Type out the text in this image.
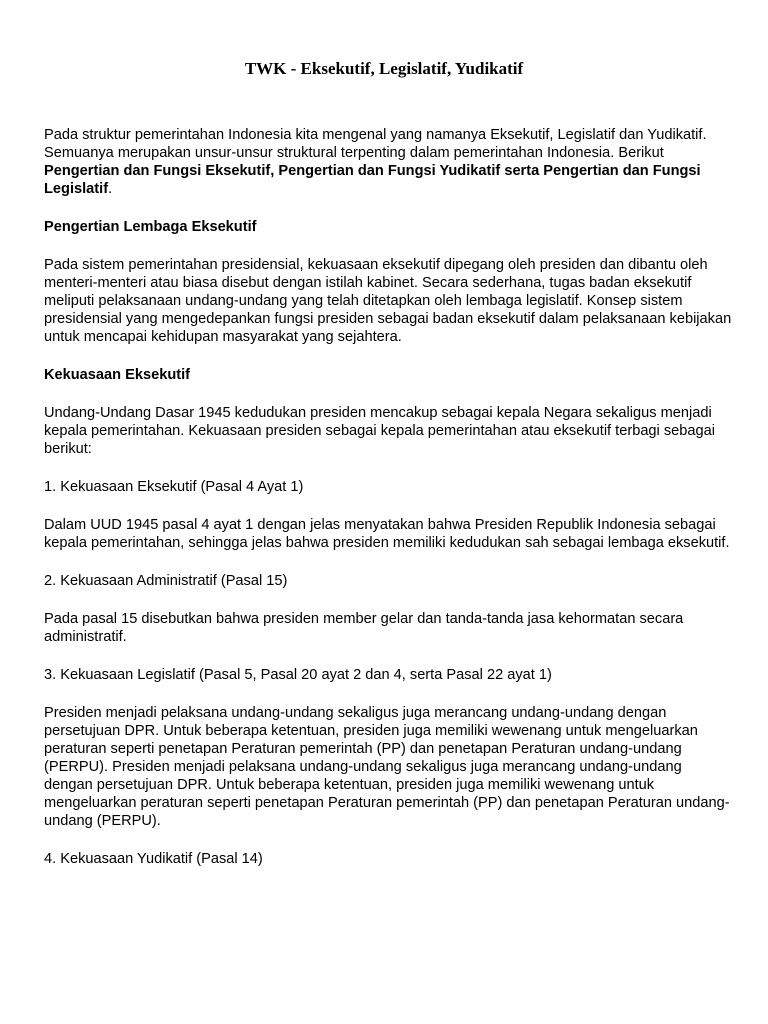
TWK - Eksekutif, Legislatif, Yudikatif

Pada struktur pemerintahan Indonesia kita mengenal yang namanya Eksekutif, Legislatif dan Yudikatif. Semuanya merupakan unsur-unsur struktural terpenting dalam pemerintahan Indonesia. Berikut Pengertian dan Fungsi Eksekutif, Pengertian dan Fungsi Yudikatif serta Pengertian dan Fungsi Legislatif.

Pengertian Lembaga Eksekutif

Pada sistem pemerintahan presidensial, kekuasaan eksekutif dipegang oleh presiden dan dibantu oleh menteri-menteri atau biasa disebut dengan istilah kabinet. Secara sederhana, tugas badan eksekutif meliputi pelaksanaan undang-undang yang telah ditetapkan oleh lembaga legislatif. Konsep sistem presidensial yang mengedepankan fungsi presiden sebagai badan eksekutif dalam pelaksanaan kebijakan untuk mencapai kehidupan masyarakat yang sejahtera.

Kekuasaan Eksekutif

Undang-Undang Dasar 1945 kedudukan presiden mencakup sebagai kepala Negara sekaligus menjadi kepala pemerintahan. Kekuasaan presiden sebagai kepala pemerintahan atau eksekutif terbagi sebagai berikut:

1. Kekuasaan Eksekutif (Pasal 4 Ayat 1)

Dalam UUD 1945 pasal 4 ayat 1 dengan jelas menyatakan bahwa Presiden Republik Indonesia sebagai kepala pemerintahan, sehingga jelas bahwa presiden memiliki kedudukan sah sebagai lembaga eksekutif.

2. Kekuasaan Administratif (Pasal 15)

Pada pasal 15 disebutkan bahwa presiden member gelar dan tanda-tanda jasa kehormatan secara administratif.

3. Kekuasaan Legislatif (Pasal 5, Pasal 20 ayat 2 dan 4, serta Pasal 22 ayat 1)

Presiden menjadi pelaksana undang-undang sekaligus juga merancang undang-undang dengan persetujuan DPR. Untuk beberapa ketentuan, presiden juga memiliki wewenang untuk mengeluarkan peraturan seperti penetapan Peraturan pemerintah (PP) dan penetapan Peraturan undang-undang (PERPU). Presiden menjadi pelaksana undang-undang sekaligus juga merancang undang-undang dengan persetujuan DPR. Untuk beberapa ketentuan, presiden juga memiliki wewenang untuk mengeluarkan peraturan seperti penetapan Peraturan pemerintah (PP) dan penetapan Peraturan undang-undang (PERPU).

4. Kekuasaan Yudikatif (Pasal 14)
